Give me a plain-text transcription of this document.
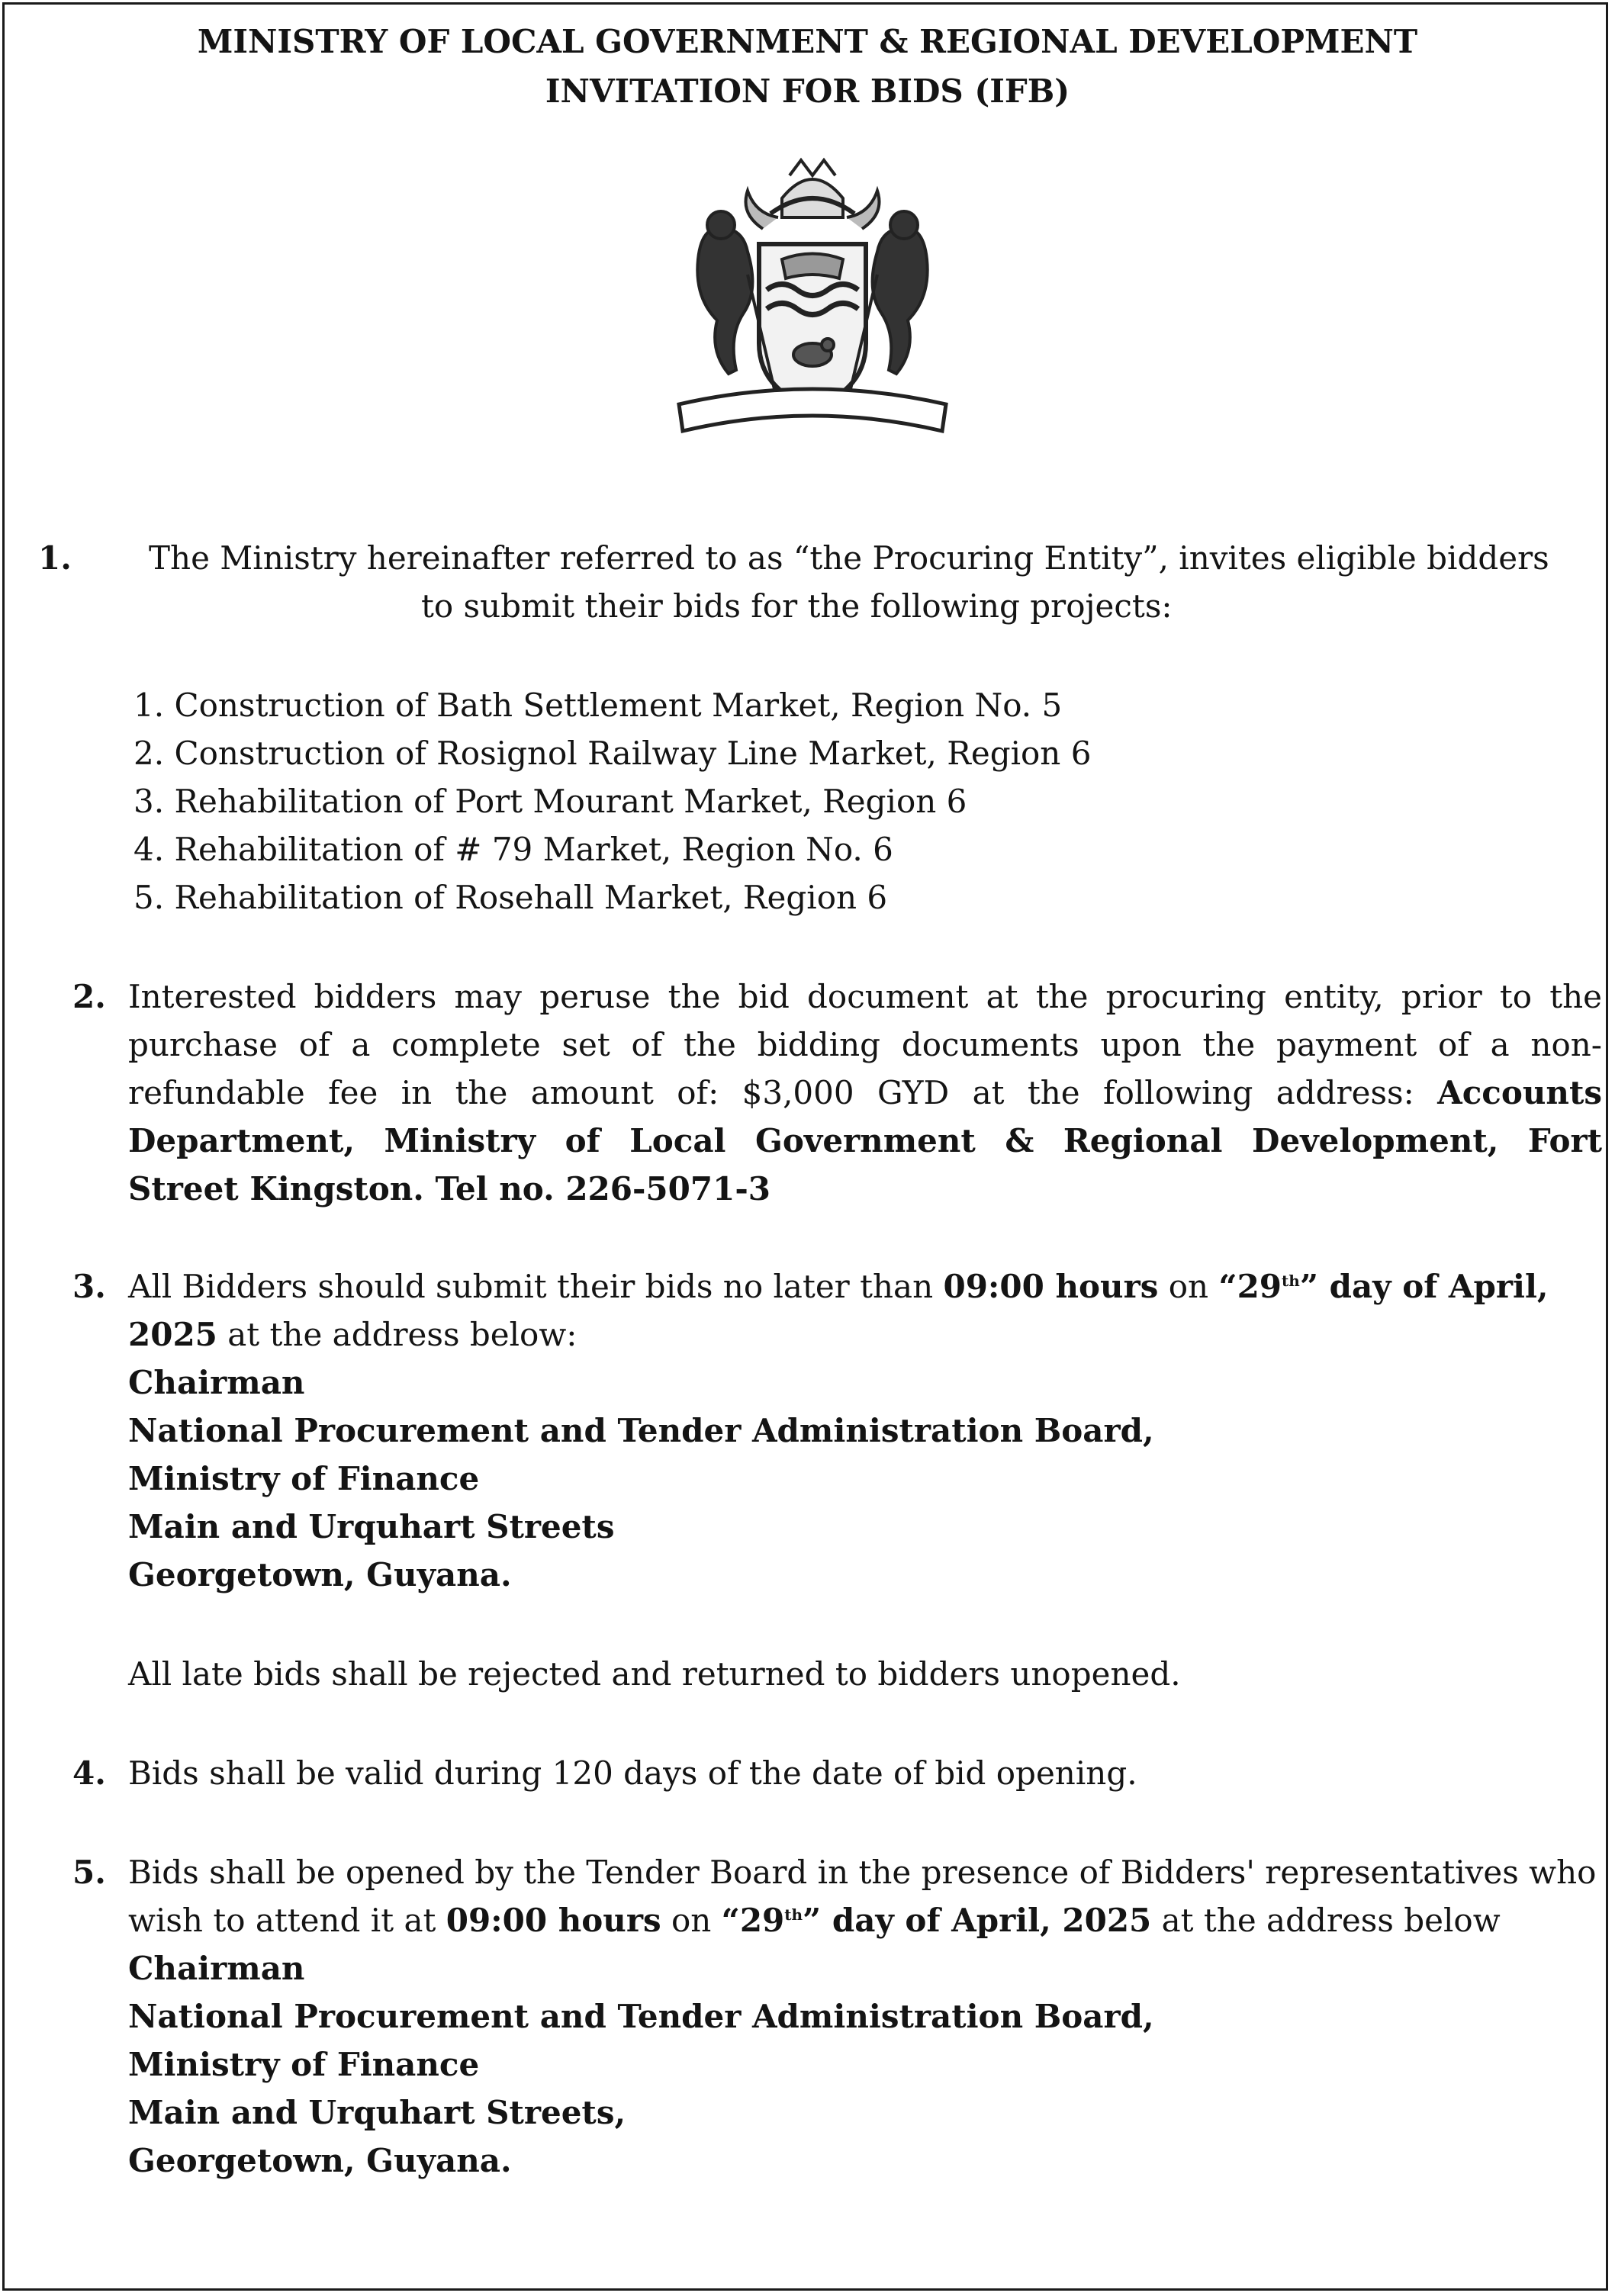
MINISTRY OF LOCAL GOVERNMENT & REGIONAL DEVELOPMENT
INVITATION FOR BIDS (IFB)
1. The Ministry hereinafter referred to as “the Procuring Entity”, invites eligible bidders
to submit their bids for the following projects:
1. Construction of Bath Settlement Market, Region No. 5
2. Construction of Rosignol Railway Line Market, Region 6
3. Rehabilitation of Port Mourant Market, Region 6
4. Rehabilitation of # 79 Market, Region No. 6
5. Rehabilitation of Rosehall Market, Region 6
2. Interested bidders may peruse the bid document at the procuring entity, prior to the
purchase of a complete set of the bidding documents upon the payment of a non-
refundable fee in the amount of: $3,000 GYD at the following address: Accounts
Department, Ministry of Local Government & Regional Development, Fort
Street Kingston. Tel no. 226-5071-3
3. All Bidders should submit their bids no later than 09:00 hours on “29th” day of April,
2025 at the address below:
Chairman
National Procurement and Tender Administration Board,
Ministry of Finance
Main and Urquhart Streets
Georgetown, Guyana.
All late bids shall be rejected and returned to bidders unopened.
4. Bids shall be valid during 120 days of the date of bid opening.
5. Bids shall be opened by the Tender Board in the presence of Bidders' representatives who
wish to attend it at 09:00 hours on “29th” day of April, 2025 at the address below
Chairman
National Procurement and Tender Administration Board,
Ministry of Finance
Main and Urquhart Streets,
Georgetown, Guyana.
